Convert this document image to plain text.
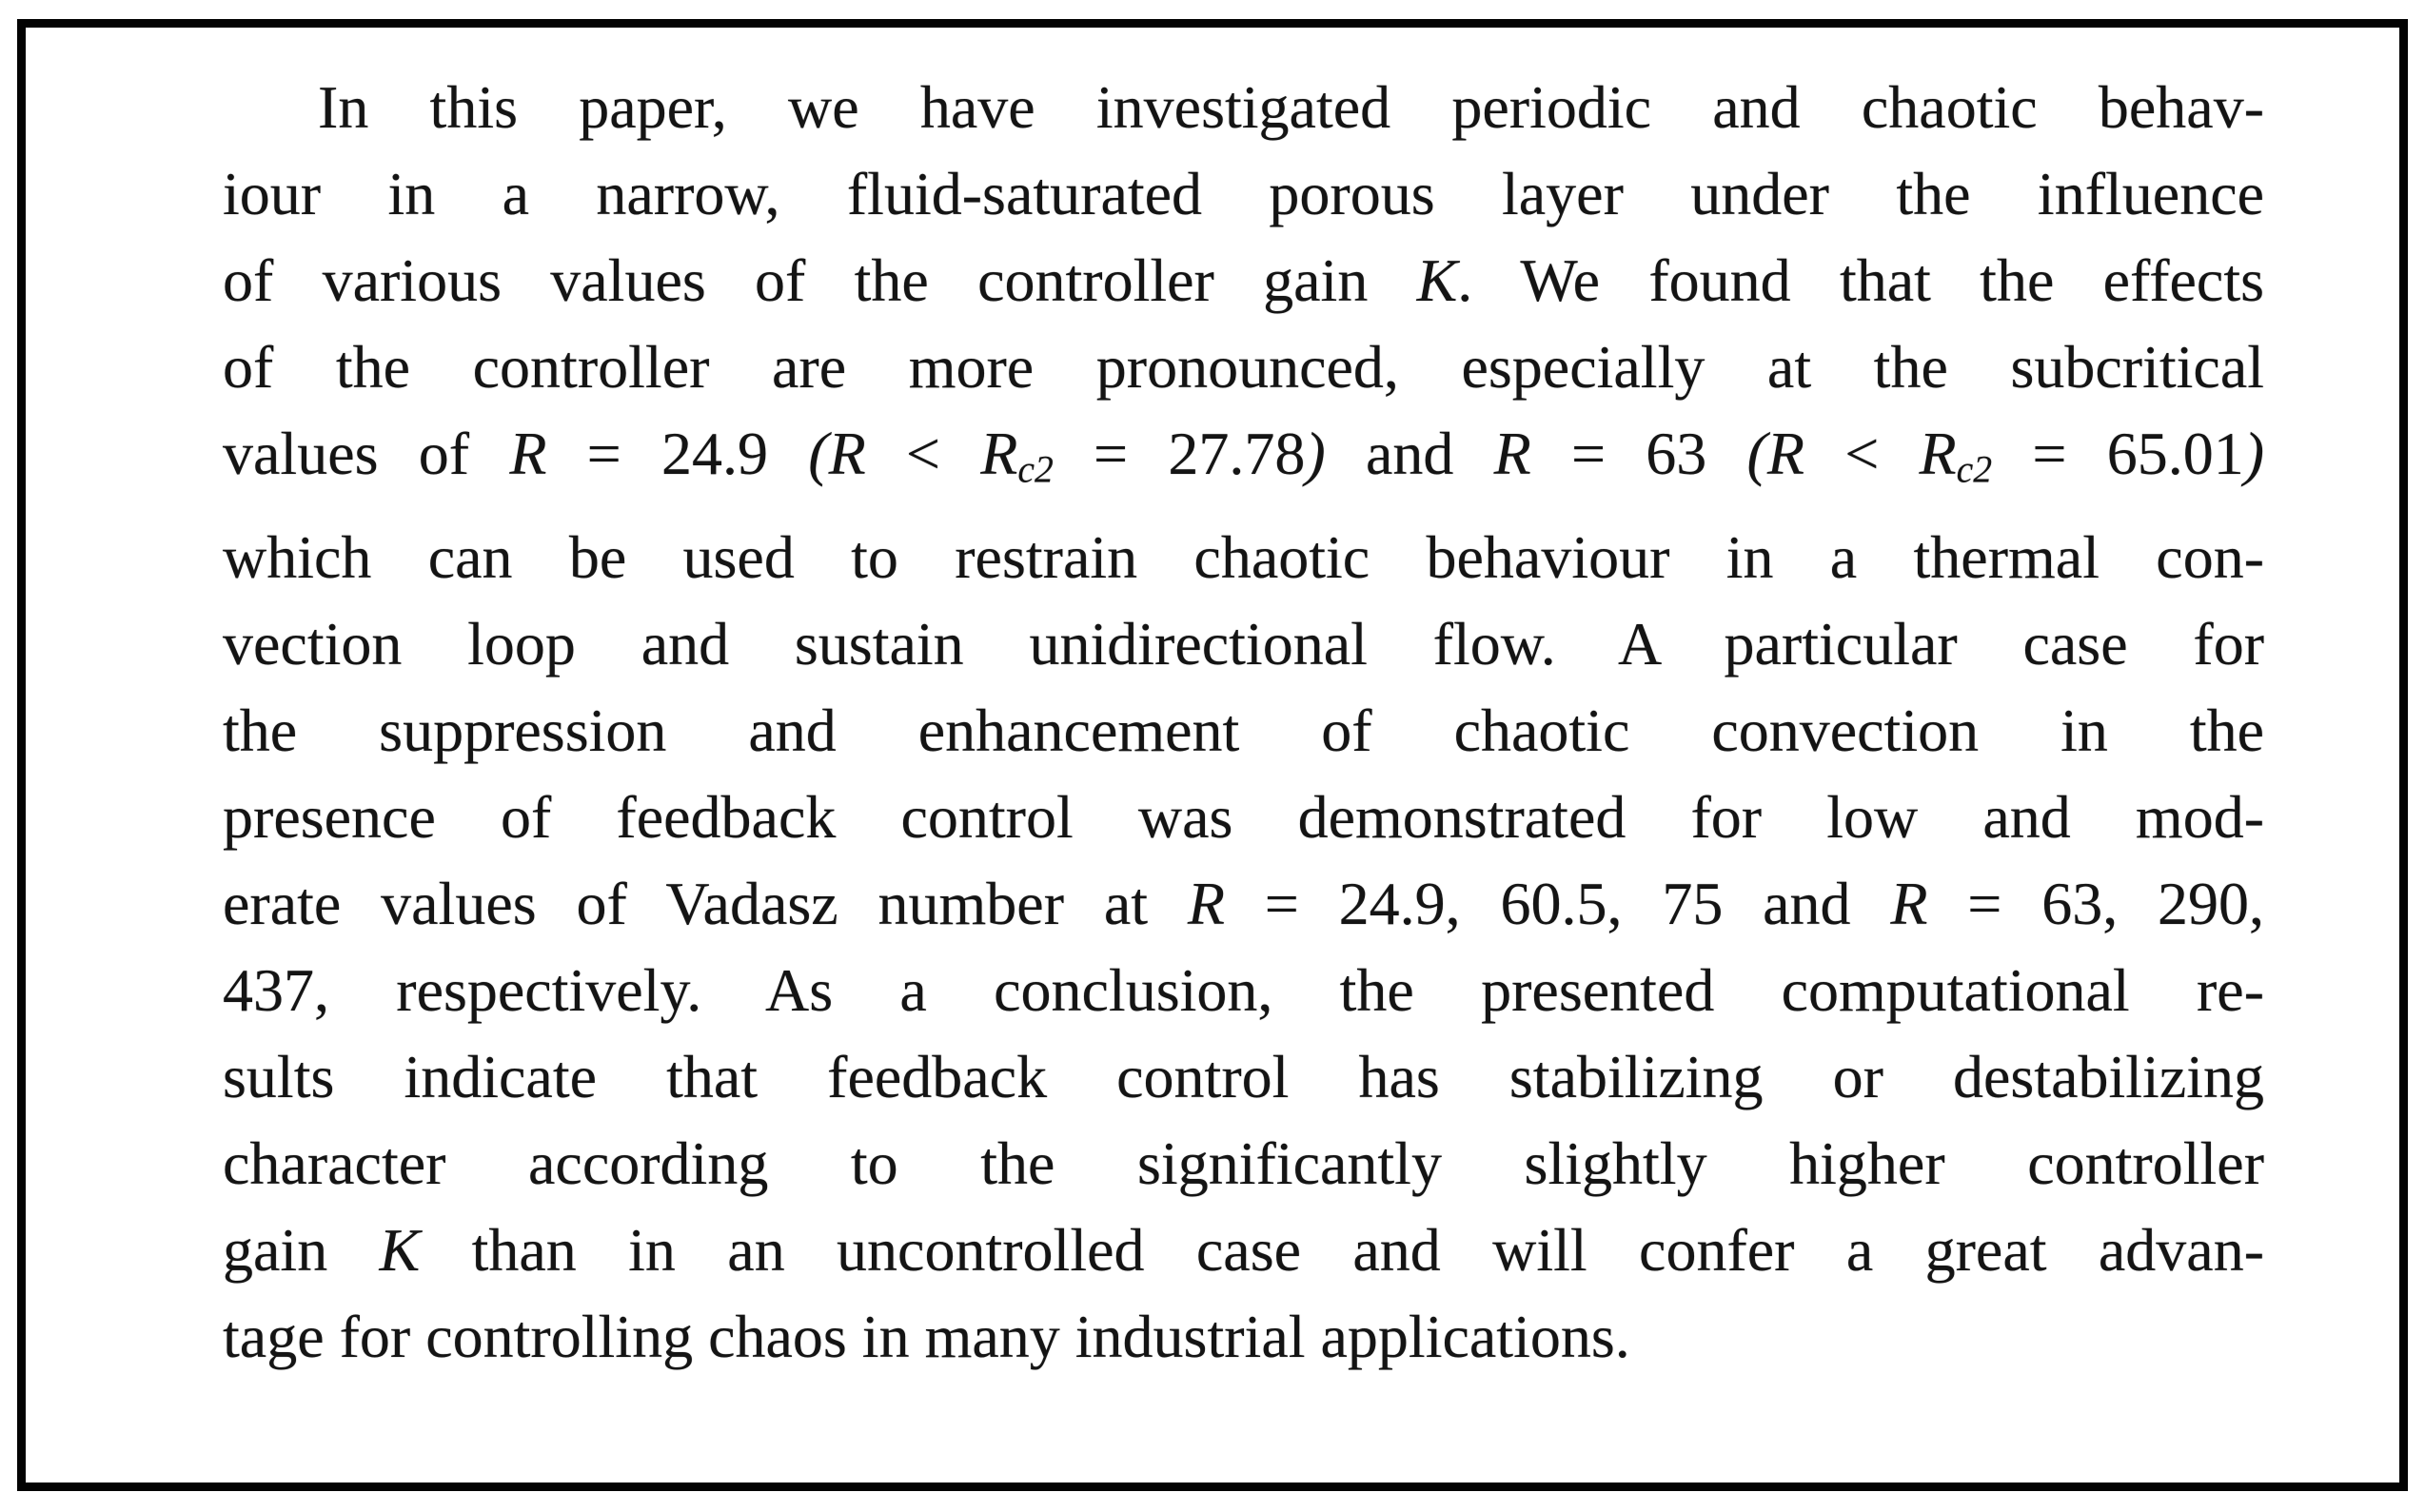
In this paper, we have investigated periodic and chaotic behav-
iour in a narrow, fluid-saturated porous layer under the influence
of various values of the controller gain K. We found that the effects
of the controller are more pronounced, especially at the subcritical
values of R = 24.9 $(R < R_{c2} = 27.78)$ and R = 63 $(R < R_{c2} = 65.01)$
which can be used to restrain chaotic behaviour in a thermal con-
vection loop and sustain unidirectional flow. A particular case for
the suppression and enhancement of chaotic convection in the
presence of feedback control was demonstrated for low and mod-
erate values of Vadasz number at R = 24.9, 60.5, 75 and R = 63, 290,
437, respectively. As a conclusion, the presented computational re-
sults indicate that feedback control has stabilizing or destabilizing
character according to the significantly slightly higher controller
gain K than in an uncontrolled case and will confer a great advan-
tage for controlling chaos in many industrial applications.
